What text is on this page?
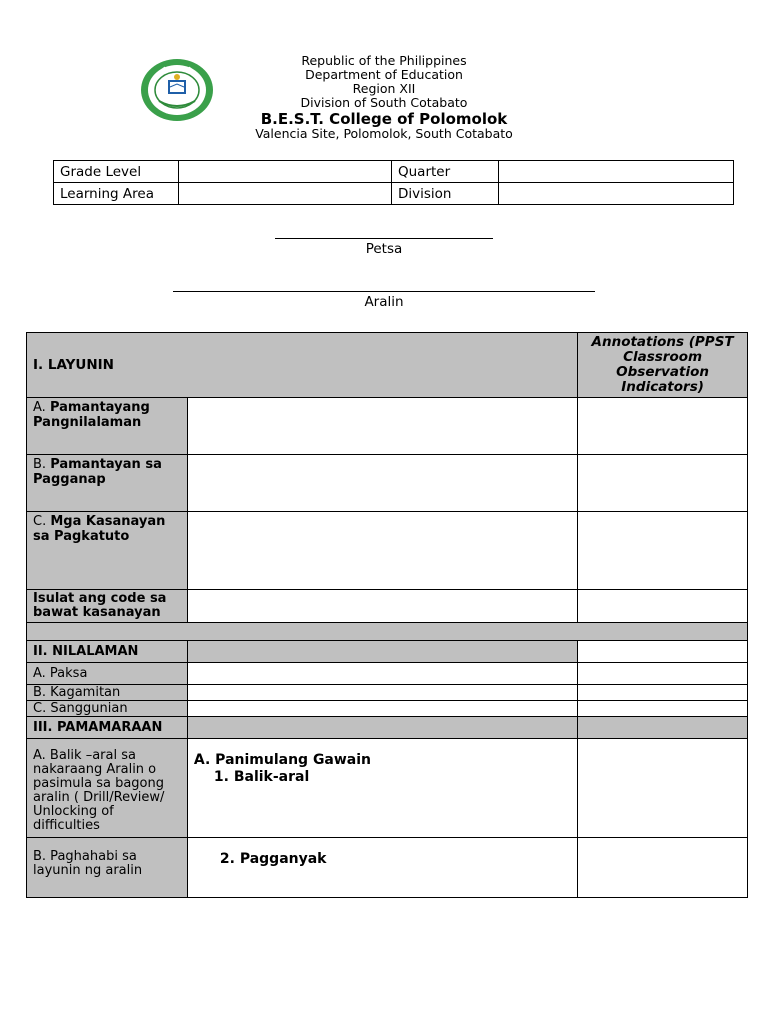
Republic of the Philippines
Department of Education
Region XII
Division of South Cotabato
B.E.S.T. College of Polomolok
Valencia Site, Polomolok, South Cotabato
Grade Level		Quarter	
Learning Area		Division	
Petsa
Aralin
I. LAYUNIN		Annotations (PPST Classroom Observation Indicators)

A. Pamantayang Pangnilalaman		

B. Pamantayan sa Pagganap		

C. Mga Kasanayan sa Pagkatuto		

Isulat ang code sa bawat kasanayan		

II. NILALAMAN		

A. Paksa		

B. Kagamitan		

C. Sanggunian		

III. PAMAMARAAN		

A. Balik –aral sa nakaraang Aralin o pasimula sa bagong aralin ( Drill/Review/ Unlocking of difficulties	A. Panimulang Gawain
1. Balik-aral	

B. Paghahabi sa layunin ng aralin	2. Pagganyak	
